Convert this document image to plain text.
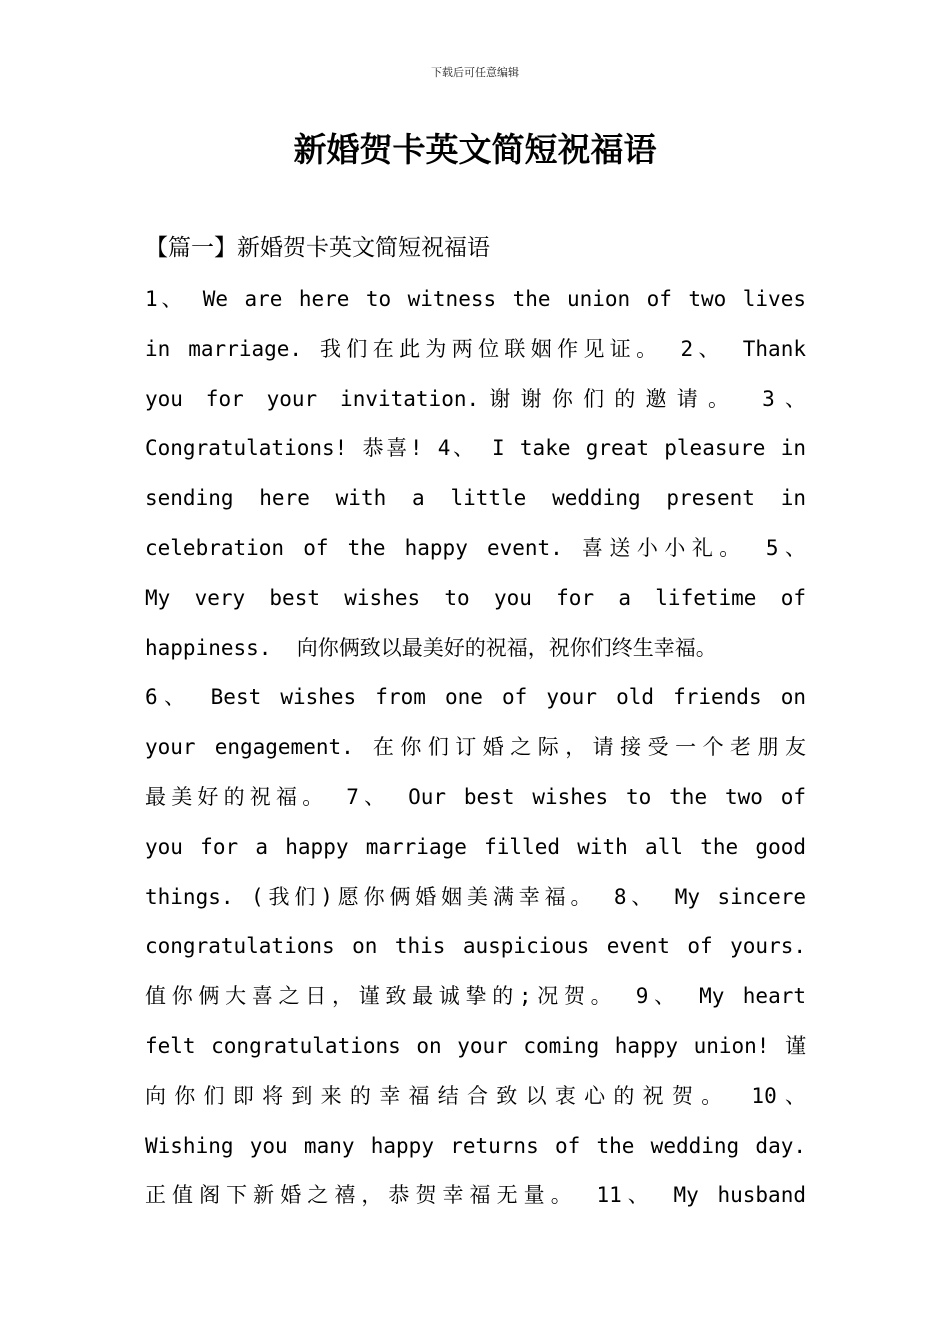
下载后可任意编辑
新婚贺卡英文简短祝福语
【篇一】新婚贺卡英文简短祝福语
1、 We are here to witness the union of two lives
in marriage. 我们在此为两位联姻作见证。 2、 Thank
you for your invitation.谢谢你们的邀请。 3、
Congratulations! 恭喜! 4、 I take great pleasure in
sending here with a little wedding present in
celebration of the happy event. 喜送小小礼。 5、
My very best wishes to you for a lifetime of
happiness.  向你俩致以最美好的祝福，祝你们终生幸福。
6、 Best wishes from one of your old friends on
your engagement. 在你们订婚之际，请接受一个老朋友
最美好的祝福。 7、 Our best wishes to the two of
you for a happy marriage filled with all the good
things. (我们)愿你俩婚姻美满幸福。 8、 My sincere
congratulations on this auspicious event of yours.
值你俩大喜之日，谨致最诚挚的;况贺。 9、 My heart
felt congratulations on your coming happy union! 谨
向你们即将到来的幸福结合致以衷心的祝贺。 10、
Wishing you many happy returns of the wedding day.
正值阁下新婚之禧，恭贺幸福无量。 11、 My husband
